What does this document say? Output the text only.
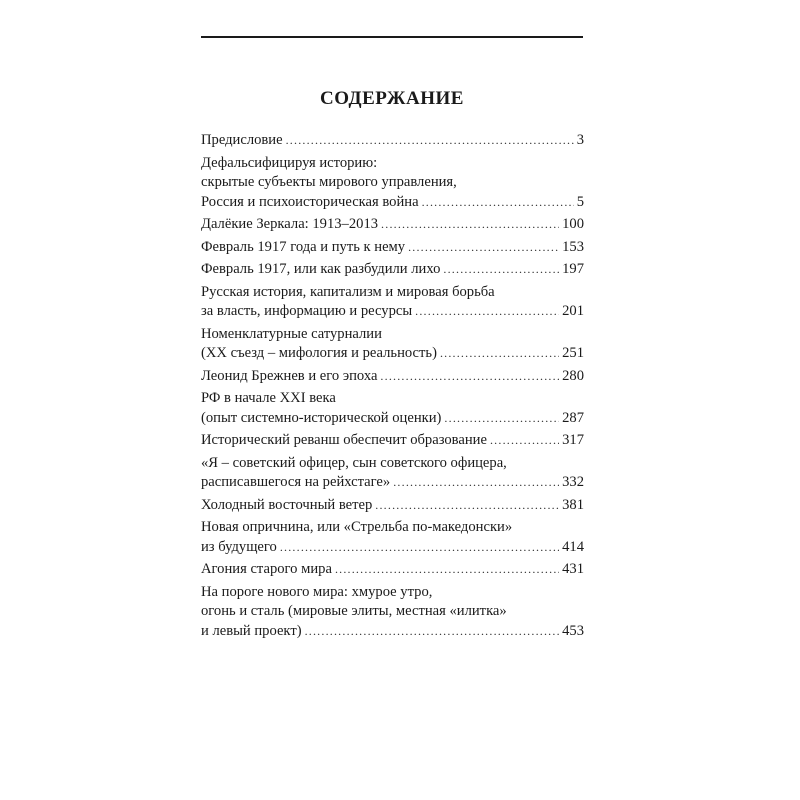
СОДЕРЖАНИЕ
Предисловие .....	3
Дефальсифицируя историю:
скрытые субъекты мирового управления,
Россия и психоисторическая война .....	5
Далёкие Зеркала: 1913–2013 .....	100
Февраль 1917 года и путь к нему .....	153
Февраль 1917, или как разбудили лихо .....	197
Русская история, капитализм и мировая борьба
за власть, информацию и ресурсы .....	201
Номенклатурные сатурналии
(XX съезд – мифология и реальность) .....	251
Леонид Брежнев и его эпоха .....	280
РФ в начале XXI века
(опыт системно-исторической оценки) .....	287
Исторический реванш обеспечит образование .....	317
«Я – советский офицер, сын советского офицера,
расписавшегося на рейхстаге» .....	332
Холодный восточный ветер .....	381
Новая опричнина, или «Стрельба по-македонски»
из будущего .....	414
Агония старого мира .....	431
На пороге нового мира: хмурое утро,
огонь и сталь (мировые элиты, местная «илитка»
и левый проект) .....	453
